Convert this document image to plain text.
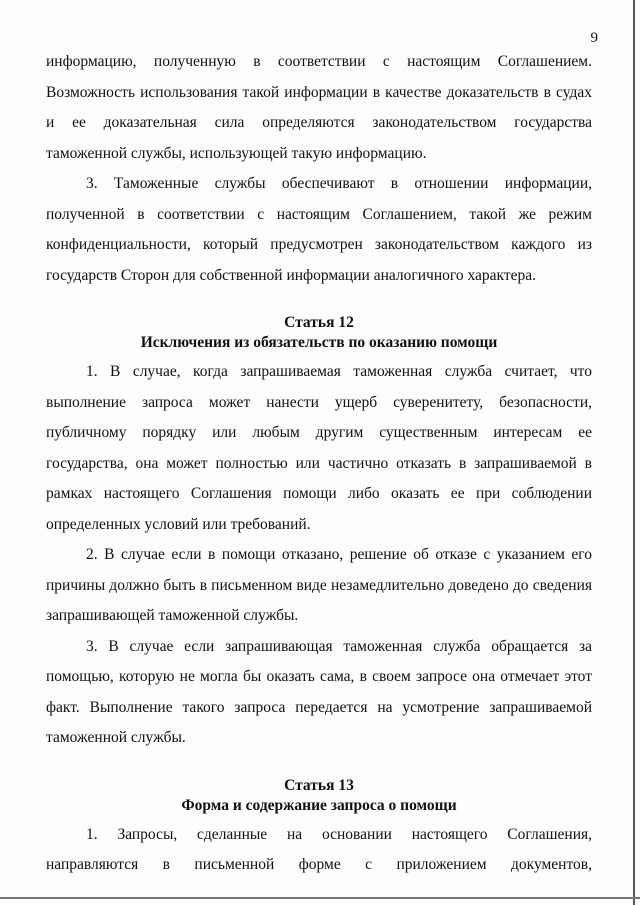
9

информацию, полученную в соответствии с настоящим Соглашением. Возможность использования такой информации в качестве доказательств в судах и ее доказательная сила определяются законодательством государства таможенной службы, использующей такую информацию.

3. Таможенные службы обеспечивают в отношении информации, полученной в соответствии с настоящим Соглашением, такой же режим конфиденциальности, который предусмотрен законодательством каждого из государств Сторон для собственной информации аналогичного характера.

Статья 12

Исключения из обязательств по оказанию помощи

1. В случае, когда запрашиваемая таможенная служба считает, что выполнение запроса может нанести ущерб суверенитету, безопасности, публичному порядку или любым другим существенным интересам ее государства, она может полностью или частично отказать в запрашиваемой в рамках настоящего Соглашения помощи либо оказать ее при соблюдении определенных условий или требований.

2. В случае если в помощи отказано, решение об отказе с указанием его причины должно быть в письменном виде незамедлительно доведено до сведения запрашивающей таможенной службы.

3. В случае если запрашивающая таможенная служба обращается за помощью, которую не могла бы оказать сама, в своем запросе она отмечает этот факт. Выполнение такого запроса передается на усмотрение запрашиваемой таможенной службы.

Статья 13

Форма и содержание запроса о помощи

1. Запросы, сделанные на основании настоящего Соглашения, направляются в письменной форме с приложением документов,
